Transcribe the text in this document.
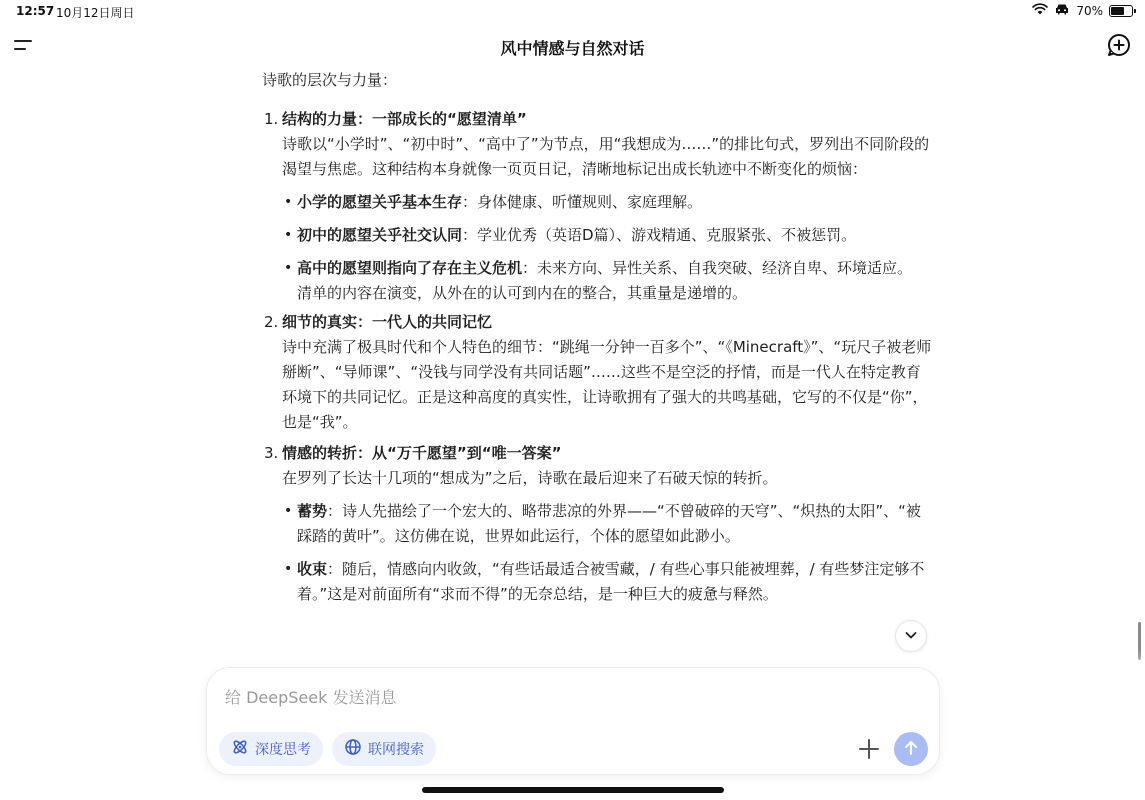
12:57 10月12日周日	70%
风中情感与自然对话
诗歌的层次与力量：
1. 结构的力量：一部成长的“愿望清单”
诗歌以“小学时”、“初中时”、“高中了”为节点，用“我想成为……”的排比句式，罗列出不同阶段的渴望与焦虑。这种结构本身就像一页页日记，清晰地标记出成长轨迹中不断变化的烦恼：
• 小学的愿望关乎基本生存：身体健康、听懂规则、家庭理解。
• 初中的愿望关乎社交认同：学业优秀（英语D篇）、游戏精通、克服紧张、不被惩罚。
• 高中的愿望则指向了存在主义危机：未来方向、异性关系、自我突破、经济自卑、环境适应。
清单的内容在演变，从外在的认可到内在的整合，其重量是递增的。
2. 细节的真实：一代人的共同记忆
诗中充满了极具时代和个人特色的细节：“跳绳一分钟一百多个”、“《Minecraft》”、“玩尺子被老师掰断”、“导师课”、“没钱与同学没有共同话题”……这些不是空泛的抒情，而是一代人在特定教育环境下的共同记忆。正是这种高度的真实性，让诗歌拥有了强大的共鸣基础，它写的不仅是“你”，也是“我”。
3. 情感的转折：从“万千愿望”到“唯一答案”
在罗列了长达十几项的“想成为”之后，诗歌在最后迎来了石破天惊的转折。
• 蓄势：诗人先描绘了一个宏大的、略带悲凉的外界——“不曾破碎的天穹”、“炽热的太阳”、“被踩踏的黄叶”。这仿佛在说，世界如此运行，个体的愿望如此渺小。
• 收束：随后，情感向内收敛，“有些话最适合被雪藏，/ 有些心事只能被埋葬，/ 有些梦注定够不着。”这是对前面所有“求而不得”的无奈总结，是一种巨大的疲惫与释然。
给 DeepSeek 发送消息
深度思考	联网搜索
